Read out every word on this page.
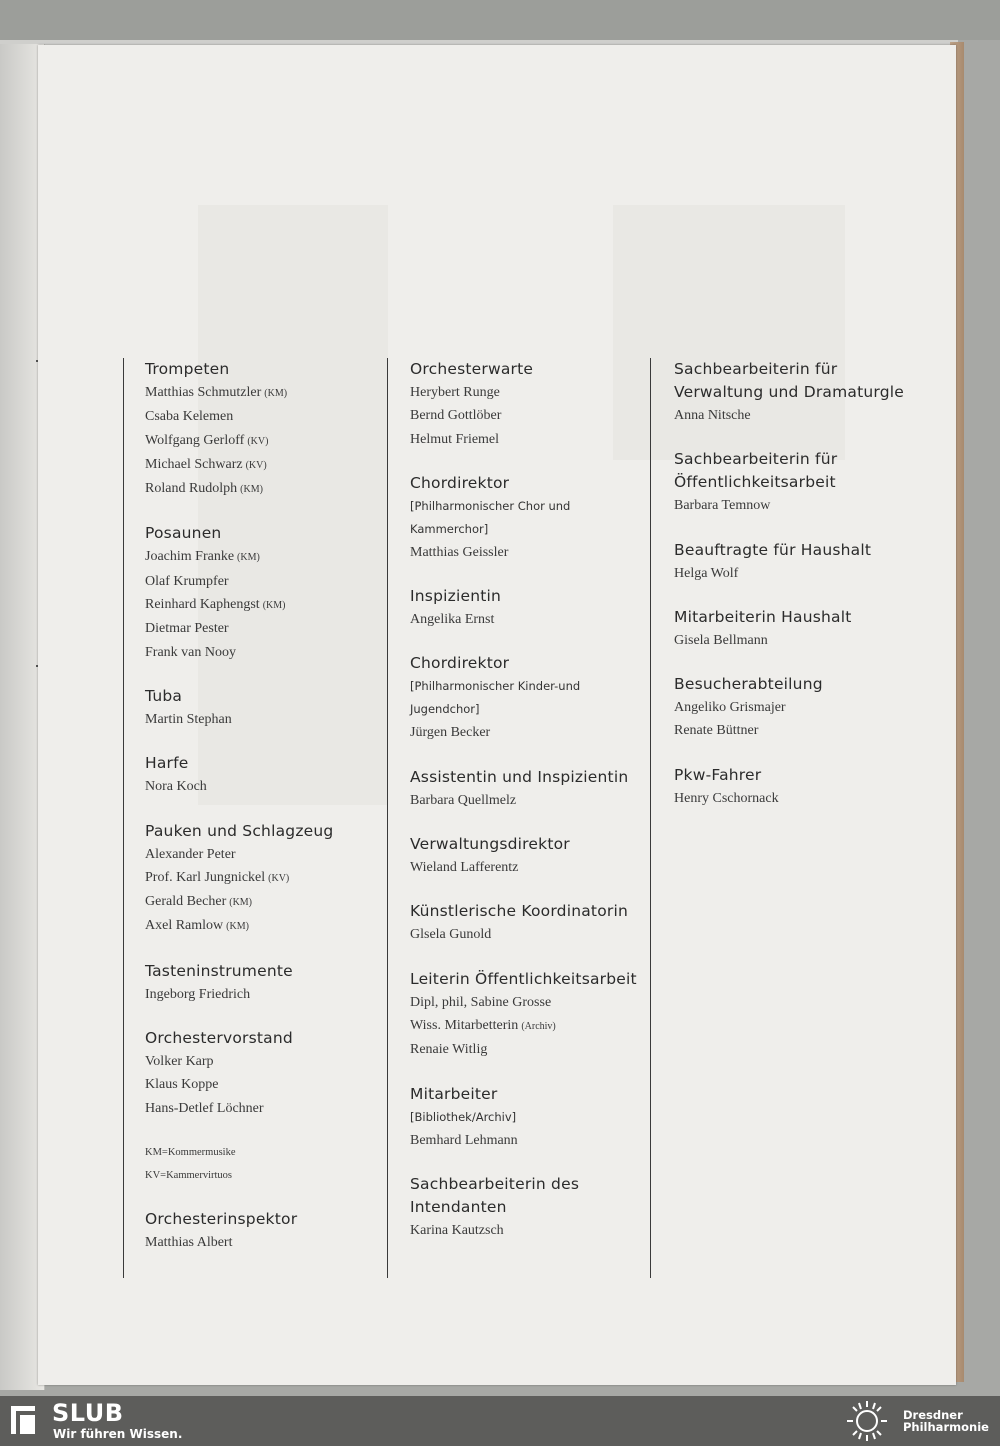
Trompeten

Matthias Schmutzler (KM)

Csaba Kelemen

Wolfgang Gerloff (KV)

Michael Schwarz (KV)

Roland Rudolph (KM)

Posaunen

Joachim Franke (KM)

Olaf Krumpfer

Reinhard Kaphengst (KM)

Dietmar Pester

Frank van Nooy

Tuba

Martin Stephan

Harfe

Nora Koch

Pauken und Schlagzeug

Alexander Peter

Prof. Karl Jungnickel (KV)

Gerald Becher (KM)

Axel Ramlow (KM)

Tasteninstrumente

Ingeborg Friedrich

Orchestervorstand

Volker Karp

Klaus Koppe

Hans-Detlef Löchner

KM=Kommermusike
KV=Kammervirtuos

Orchesterinspektor

Matthias Albert

Orchesterwarte

Herybert Runge

Bernd Gottlöber

Helmut Friemel

Chordirektor

[Philharmonischer Chor und

Kammerchor]

Matthias Geissler

Inspizientin

Angelika Ernst

Chordirektor

[Philharmonischer Kinder-und

Jugendchor]

Jürgen Becker

Assistentin und Inspizientin

Barbara Quellmelz

Verwaltungsdirektor

Wieland Lafferentz

Künstlerische Koordinatorin

Glsela Gunold

Leiterin Öffentlichkeitsarbeit

Dipl, phil, Sabine Grosse

Wiss. Mitarbetterin (Archiv)

Renaie Witlig

Mitarbeiter

[Bibliothek/Archiv]

Bemhard Lehmann

Sachbearbeiterin des Intendanten

Karina Kautzsch

Sachbearbeiterin für Verwaltung und Dramaturgle

Anna Nitsche

Sachbearbeiterin für Öffentlichkeitsarbeit

Barbara Temnow

Beauftragte für Haushalt

Helga Wolf

Mitarbeiterin Haushalt

Gisela Bellmann

Besucherabteilung

Angeliko Grismajer

Renate Büttner

Pkw-Fahrer

Henry Cschornack

SLUB

Wir führen Wissen.

Dresdner
Philharmonie
